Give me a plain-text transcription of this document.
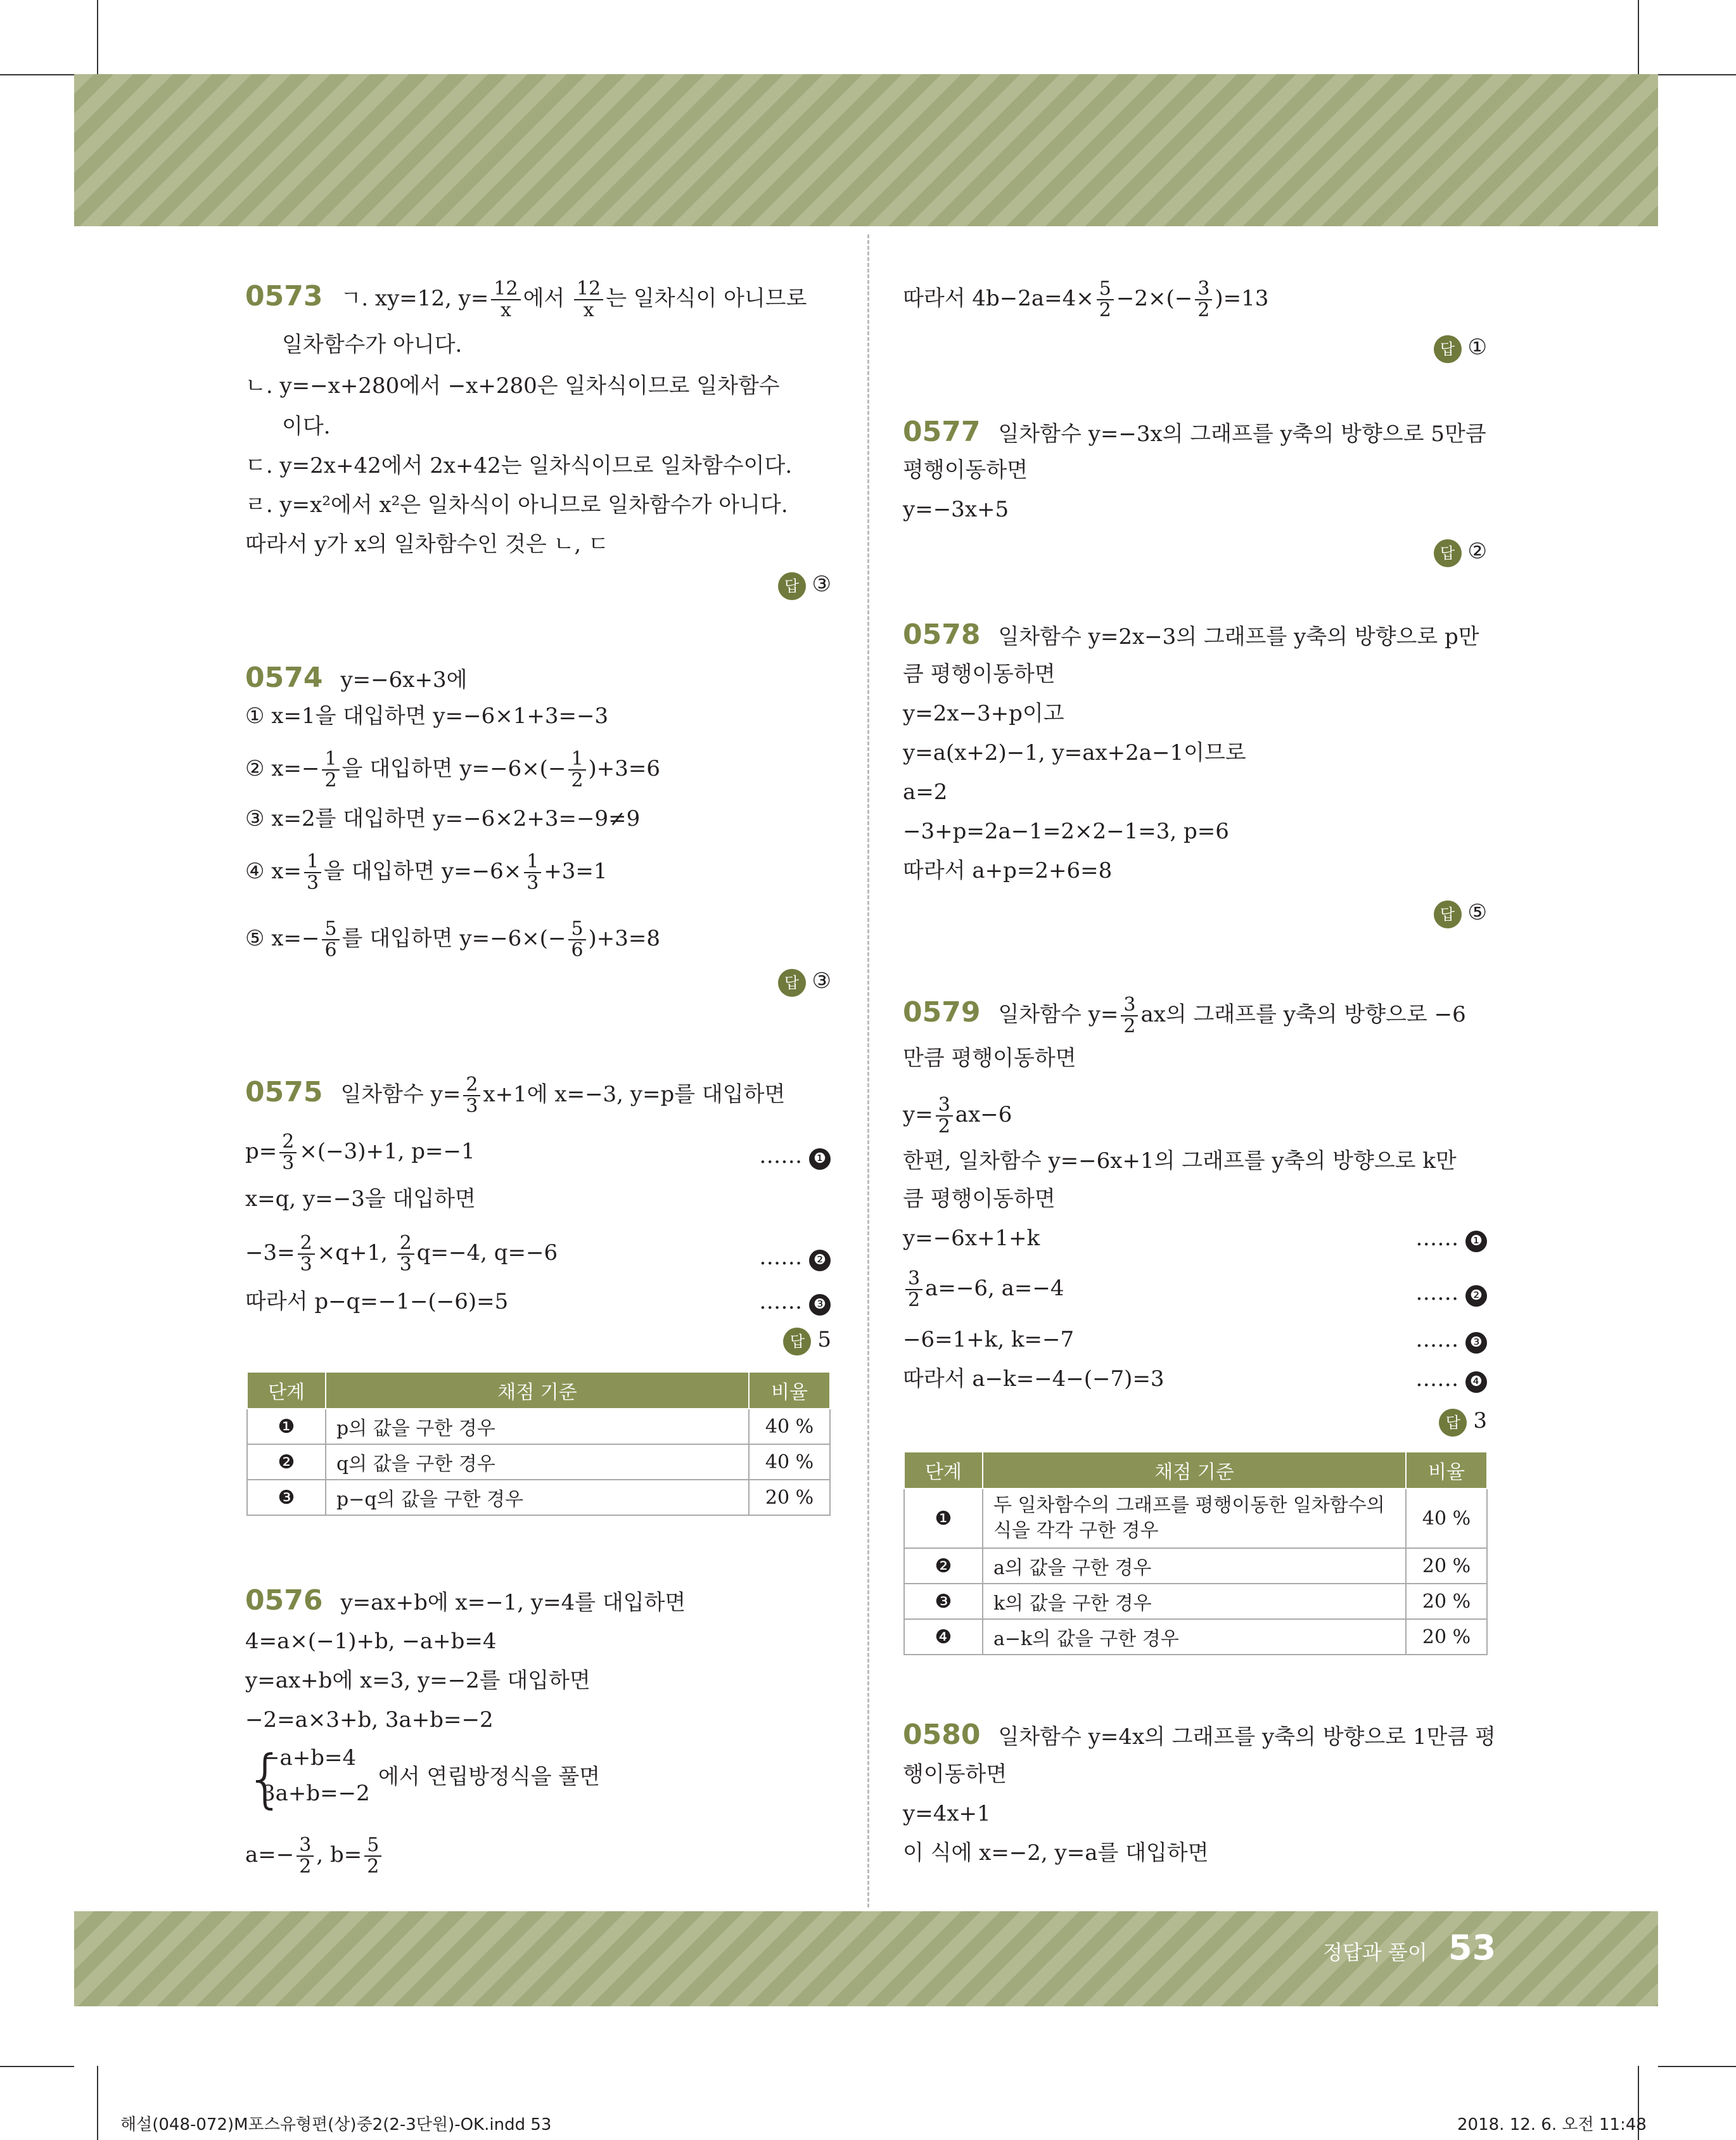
0573 ㄱ. xy=12, $y= \frac{12}{x}$ 에서 $\frac{12}{x}$ 는 일차식이 아니므로
일차함수가 아니다.
ㄴ. y=−x+280에서 −x+280은 일차식이므로 일차함수
이다.
ㄷ. y=2x+42에서 2x+42는 일차식이므로 일차함수이다.
ㄹ. y=x²에서 x²은 일차식이 아니므로 일차함수가 아니다.
따라서 y가 x의 일차함수인 것은 ㄴ, ㄷ
답 ③
0574 y=−6x+3에
① x=1을 대입하면 y=−6×1+3=−3
② $x=- \frac{1}{2}$ 을 대입하면 $y=-6\times(- \frac{1}{2} )+3=6$
③ x=2를 대입하면 y=−6×2+3=−9≠9
④ $x= \frac{1}{3}$ 을 대입하면 $y=-6\times \frac{1}{3} +3=1$
⑤ $x=- \frac{5}{6}$ 를 대입하면 $y=-6\times(- \frac{5}{6} )+3=8$
답 ③
0575 일차함수 $y= \frac{2}{3} x+1$에 x=−3, y=p를 대입하면
$p= \frac{2}{3} \times(-3)+1$, p=−1	…… ❶
x=q, y=−3을 대입하면
$-3= \frac{2}{3} \times q+1$, $\frac{2}{3} q=-4$, q=−6	…… ❷
따라서 p−q=−1−(−6)=5	…… ❸
답 5
단계	채점 기준	비율
❶	p의 값을 구한 경우	40 %
❷	q의 값을 구한 경우	40 %
❸	p−q의 값을 구한 경우	20 %
0576 y=ax+b에 x=−1, y=4를 대입하면
4=a×(−1)+b, −a+b=4
y=ax+b에 x=3, y=−2를 대입하면
−2=a×3+b, 3a+b=−2
{
−a+b=4
3a+b=−2
에서 연립방정식을 풀면
$a=- \frac{3}{2}$ , $b= \frac{5}{2}$
따라서 $4b-2a=4\times \frac{5}{2} -2\times(- \frac{3}{2} )=13$
답 ①
0577 일차함수 y=−3x의 그래프를 y축의 방향으로 5만큼
평행이동하면
y=−3x+5
답 ②
0578 일차함수 y=2x−3의 그래프를 y축의 방향으로 p만
큼 평행이동하면
y=2x−3+p이고
y=a(x+2)−1, y=ax+2a−1이므로
a=2
−3+p=2a−1=2×2−1=3, p=6
따라서 a+p=2+6=8
답 ⑤
0579 일차함수 $y= \frac{3}{2}$ ax의 그래프를 y축의 방향으로 −6
만큼 평행이동하면
$y= \frac{3}{2} ax-6$
한편, 일차함수 y=−6x+1의 그래프를 y축의 방향으로 k만
큼 평행이동하면
y=−6x+1+k	…… ❶
$\frac{3}{2} a=-6$, a=−4	…… ❷
−6=1+k, k=−7	…… ❸
따라서 a−k=−4−(−7)=3	…… ❹
답 3
단계	채점 기준	비율
❶	두 일차함수의 그래프를 평행이동한 일차함수의
식을 각각 구한 경우	40 %
❷	a의 값을 구한 경우	20 %
❸	k의 값을 구한 경우	20 %
❹	a−k의 값을 구한 경우	20 %
0580 일차함수 y=4x의 그래프를 y축의 방향으로 1만큼 평
행이동하면
y=4x+1
이 식에 x=−2, y=a를 대입하면
정답과 풀이 53
해설(048-072)M포스유형편(상)중2(2-3단원)-OK.indd 53	2018. 12. 6. 오전 11:48
